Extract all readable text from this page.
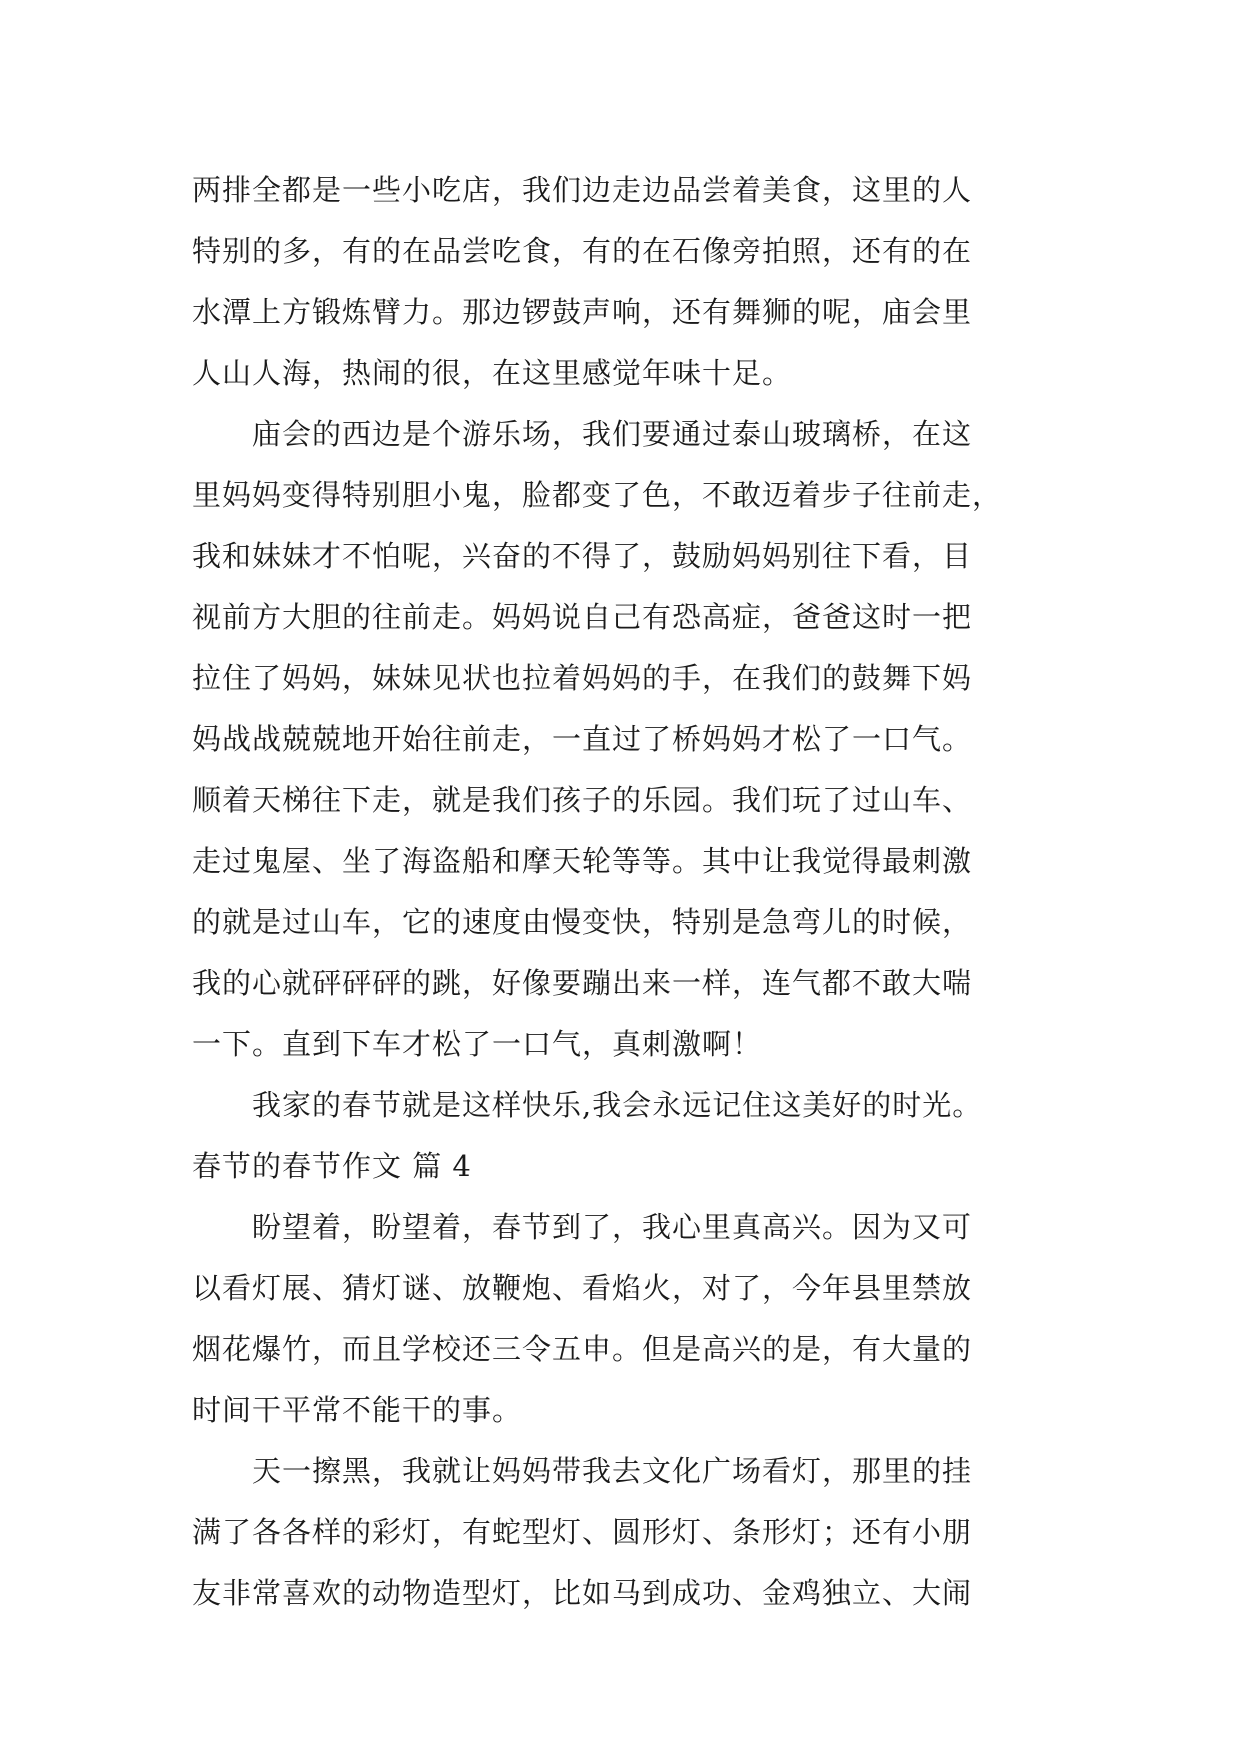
两排全都是一些小吃店，我们边走边品尝着美食，这里的人
特别的多，有的在品尝吃食，有的在石像旁拍照，还有的在
水潭上方锻炼臂力。那边锣鼓声响，还有舞狮的呢，庙会里
人山人海，热闹的很，在这里感觉年味十足。
庙会的西边是个游乐场，我们要通过泰山玻璃桥，在这
里妈妈变得特别胆小鬼，脸都变了色，不敢迈着步子往前走，
我和妹妹才不怕呢，兴奋的不得了，鼓励妈妈别往下看，目
视前方大胆的往前走。妈妈说自己有恐高症，爸爸这时一把
拉住了妈妈，妹妹见状也拉着妈妈的手，在我们的鼓舞下妈
妈战战兢兢地开始往前走，一直过了桥妈妈才松了一口气。
顺着天梯往下走，就是我们孩子的乐园。我们玩了过山车、
走过鬼屋、坐了海盗船和摩天轮等等。其中让我觉得最刺激
的就是过山车，它的速度由慢变快，特别是急弯儿的时候，
我的心就砰砰砰的跳，好像要蹦出来一样，连气都不敢大喘
一下。直到下车才松了一口气，真刺激啊！
我家的春节就是这样快乐,我会永远记住这美好的时光。
春节的春节作文 篇 4
盼望着，盼望着，春节到了，我心里真高兴。因为又可
以看灯展、猜灯谜、放鞭炮、看焰火，对了，今年县里禁放
烟花爆竹，而且学校还三令五申。但是高兴的是，有大量的
时间干平常不能干的事。
天一擦黑，我就让妈妈带我去文化广场看灯，那里的挂
满了各各样的彩灯，有蛇型灯、圆形灯、条形灯；还有小朋
友非常喜欢的动物造型灯，比如马到成功、金鸡独立、大闹
